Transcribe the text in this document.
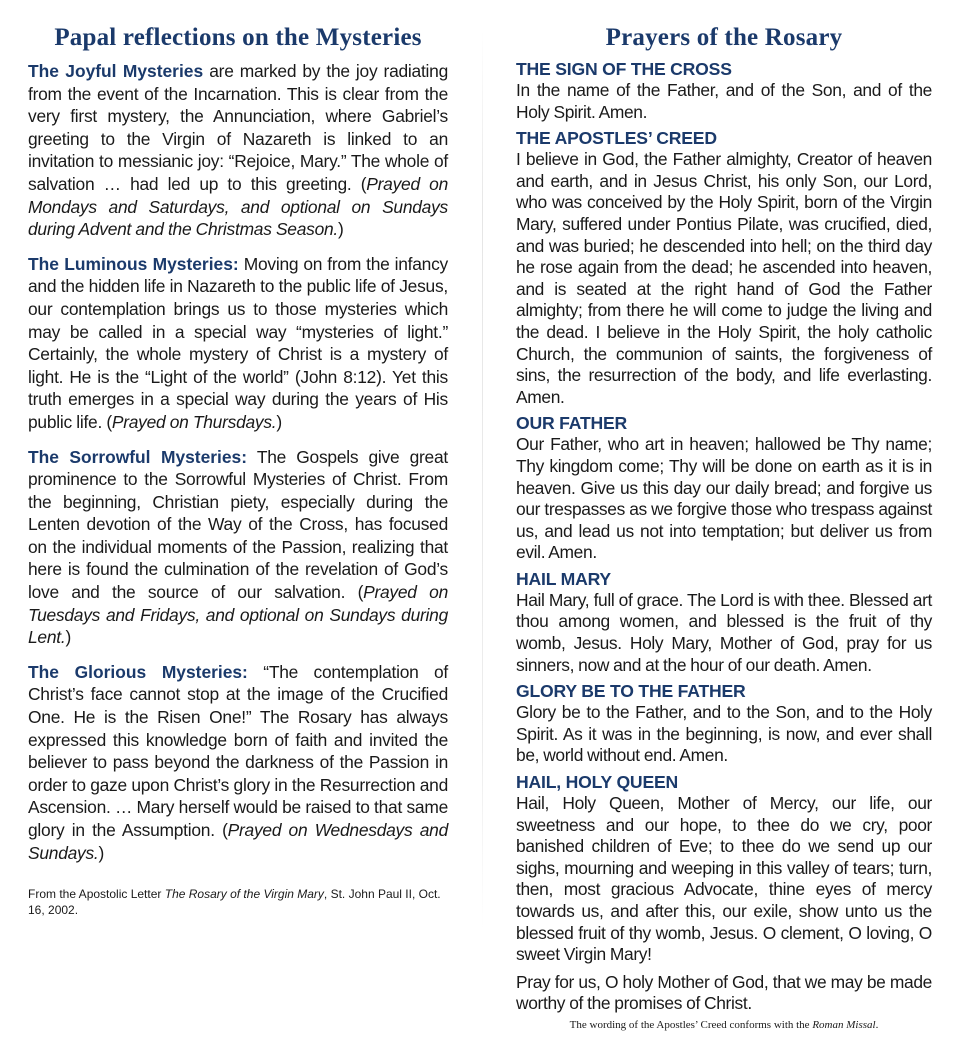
Papal reflections on the Mysteries

The Joyful Mysteries are marked by the joy radiating from the event of the Incarnation. This is clear from the very first mystery, the Annunciation, where Gabriel’s greeting to the Virgin of Nazareth is linked to an invitation to messianic joy: “Rejoice, Mary.” The whole of salvation … had led up to this greeting. (Prayed on Mondays and Saturdays, and optional on Sundays during Advent and the Christmas Season.)

The Luminous Mysteries: Moving on from the infancy and the hidden life in Nazareth to the public life of Jesus, our contemplation brings us to those mysteries which may be called in a special way “mysteries of light.” Certainly, the whole mystery of Christ is a mystery of light. He is the “Light of the world” (John 8:12). Yet this truth emerges in a special way during the years of His public life. (Prayed on Thursdays.)

The Sorrowful Mysteries: The Gospels give great prominence to the Sorrowful Mysteries of Christ. From the beginning, Christian piety, especially during the Lenten devotion of the Way of the Cross, has focused on the individual moments of the Passion, realizing that here is found the culmination of the revelation of God’s love and the source of our salvation. (Prayed on Tuesdays and Fridays, and optional on Sundays during Lent.)

The Glorious Mysteries: “The contemplation of Christ’s face cannot stop at the image of the Crucified One. He is the Risen One!” The Rosary has always expressed this knowledge born of faith and invited the believer to pass beyond the darkness of the Passion in order to gaze upon Christ’s glory in the Resurrection and Ascension. … Mary herself would be raised to that same glory in the Assumption. (Prayed on Wednesdays and Sundays.)

From the Apostolic Letter The Rosary of the Virgin Mary, St. John Paul II, Oct. 16, 2002.

Prayers of the Rosary
THE SIGN OF THE CROSS

In the name of the Father, and of the Son, and of the Holy Spirit. Amen.

THE APOSTLES’ CREED

I believe in God, the Father almighty, Creator of heaven and earth, and in Jesus Christ, his only Son, our Lord, who was conceived by the Holy Spirit, born of the Virgin Mary, suffered under Pontius Pilate, was crucified, died, and was buried; he descended into hell; on the third day he rose again from the dead; he ascended into heaven, and is seated at the right hand of God the Father almighty; from there he will come to judge the living and the dead. I believe in the Holy Spirit, the holy catholic Church, the communion of saints, the forgiveness of sins, the resurrection of the body, and life everlasting. Amen.

OUR FATHER

Our Father, who art in heaven; hallowed be Thy name; Thy kingdom come; Thy will be done on earth as it is in heaven. Give us this day our daily bread; and forgive us our trespasses as we forgive those who trespass against us, and lead us not into temptation; but deliver us from evil. Amen.

HAIL MARY

Hail Mary, full of grace. The Lord is with thee. Blessed art thou among women, and blessed is the fruit of thy womb, Jesus. Holy Mary, Mother of God, pray for us sinners, now and at the hour of our death. Amen.

GLORY BE TO THE FATHER

Glory be to the Father, and to the Son, and to the Holy Spirit. As it was in the beginning, is now, and ever shall be, world without end. Amen.

HAIL, HOLY QUEEN

Hail, Holy Queen, Mother of Mercy, our life, our sweetness and our hope, to thee do we cry, poor banished children of Eve; to thee do we send up our sighs, mourning and weeping in this valley of tears; turn, then, most gracious Advocate, thine eyes of mercy towards us, and after this, our exile, show unto us the blessed fruit of thy womb, Jesus. O clement, O loving, O sweet Virgin Mary!

Pray for us, O holy Mother of God, that we may be made worthy of the promises of Christ.

The wording of the Apostles’ Creed conforms with the Roman Missal.
